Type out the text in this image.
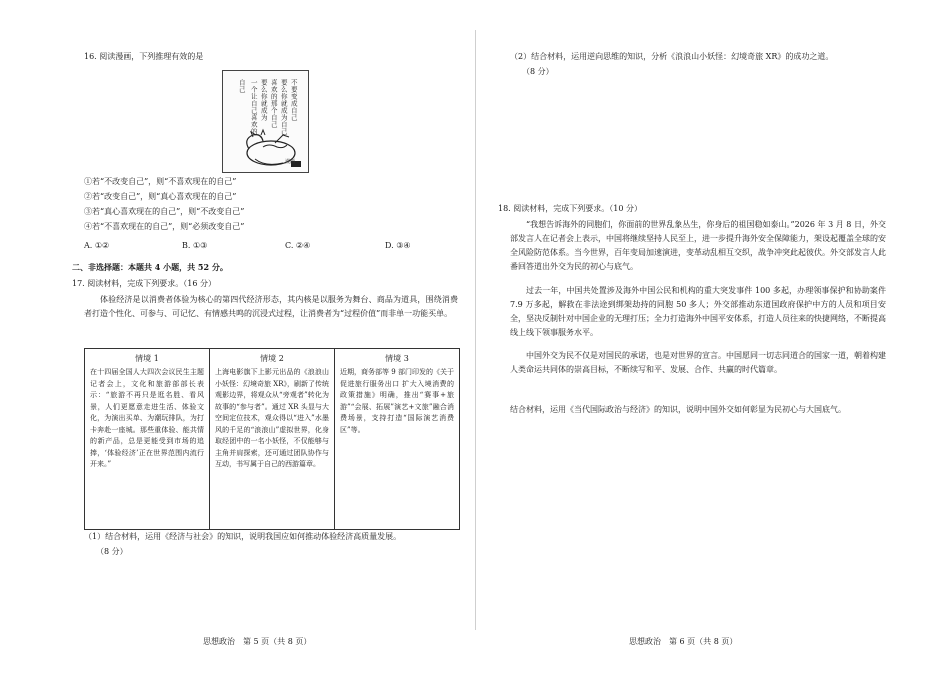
16. 阅读漫画，下列推理有效的是
不要变成自己
要么你就成为自己
喜欢的那个自己
要么你就成为
一个让自己喜欢的
自己
漫画
①若“不改变自己”，则“不喜欢现在的自己”
②若“改变自己”，则“真心喜欢现在的自己”
③若“真心喜欢现在的自己”，则“不改变自己”
④若“不喜欢现在的自己”，则“必须改变自己”
A. ①②	B. ①③	C. ②④	D. ③④
二、非选择题：本题共 4 小题，共 52 分。
17. 阅读材料，完成下列要求。（16 分）
体验经济是以消费者体验为核心的第四代经济形态，其内核是以服务为舞台、商品为道具，围绕消费者打造个性化、可参与、可记忆、有情感共鸣的沉浸式过程，让消费者为“过程价值”而非单一功能买单。
情境 1
在十四届全国人大四次会议民生主题记者会上，文化和旅游部部长表示：“旅游不再只是逛名胜、看风景，人们更愿意走进生活、体验文化，为演出买单、为潮玩排队，为打卡奔赴一座城。那些重体验、能共情的新产品，总是更能受到市场的追捧，‘体验经济’正在世界范围内流行开来。”
情境 2
上海电影旗下上影元出品的《浪浪山小妖怪：幻境奇旅 XR》，刷新了传统观影边界，将观众从“旁观者”转化为故事的“参与者”。通过 XR 头显与大空间定位技术，观众得以“进入”水墨风的千足的“浪浪山”虚拟世界，化身取经团中的一名小妖怪，不仅能够与主角并肩探索，还可通过团队协作与互动，书写属于自己的西游篇章。
情境 3
近期，商务部等 9 部门印发的《关于促进旅行服务出口 扩大入境消费的政策措施》明确，推出“赛事+旅游”“会展、拓展”演艺+文旅”融合消费场景，支持打造“国际演艺消费区”等。
（1）结合材料，运用《经济与社会》的知识，说明我国应如何推动体验经济高质量发展。
（8 分）
思想政治　第 5 页（共 8 页）
（2）结合材料，运用逆向思维的知识，分析《浪浪山小妖怪：幻境奇旅 XR》的成功之道。
（8 分）
18. 阅读材料，完成下列要求。（10 分）
“我想告诉海外的同胞们，你面前的世界乱象丛生，你身后的祖国稳如泰山。”2026 年 3 月 8 日，外交部发言人在记者会上表示，中国将继续坚持人民至上，进一步提升海外安全保障能力，架设起覆盖全球的安全风险防范体系。当今世界，百年变局加速演进，变革动乱相互交织，战争冲突此起彼伏。外交部发言人此番回答道出外交为民的初心与底气。
过去一年，中国共处置涉及海外中国公民和机构的重大突发事件 100 多起，办理领事保护和协助案件 7.9 万多起，解救在非法途到绑架劫持的同胞 50 多人；外交部推动东道国政府保护中方的人员和项目安全，坚决反制针对中国企业的无理打压；全力打造海外中国平安体系，打造人员往来的快捷网络，不断提高线上线下领事服务水平。
中国外交为民不仅是对国民的承诺，也是对世界的宣言。中国愿同一切志同道合的国家一道，朝着构建人类命运共同体的崇高目标，不断续写和平、发展、合作、共赢的时代篇章。
结合材料，运用《当代国际政治与经济》的知识，说明中国外交如何彰显为民初心与大国底气。
思想政治　第 6 页（共 8 页）
